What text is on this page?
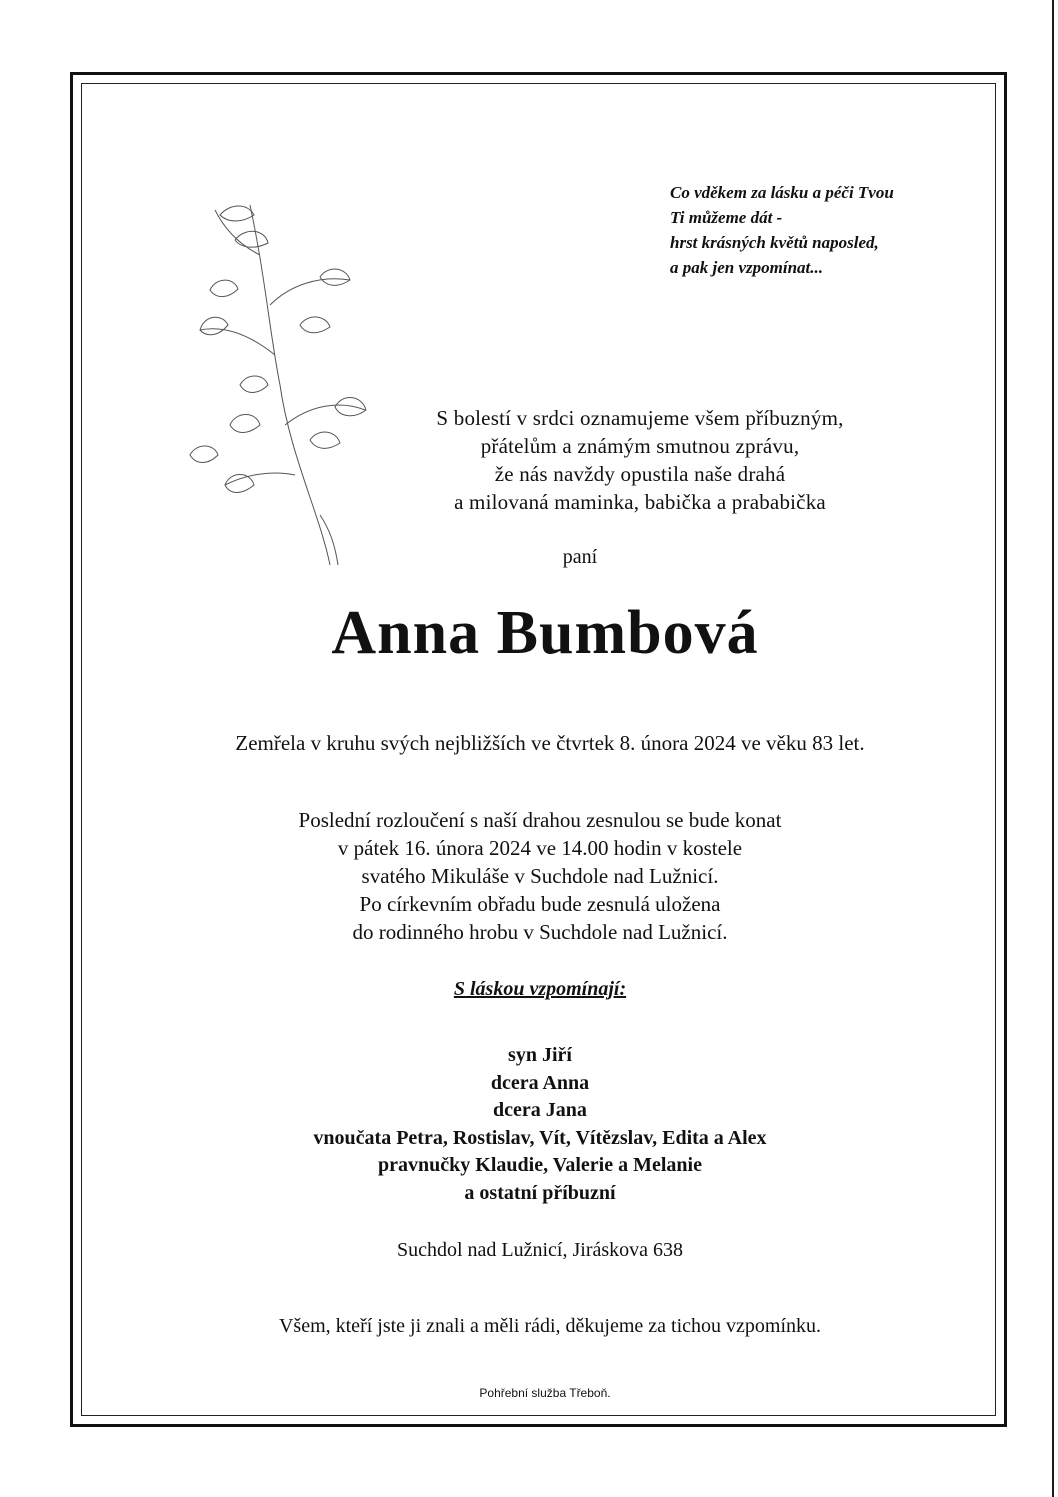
Co vděkem za lásku a péči Tvou
Ti můžeme dát -
hrst krásných květů naposled,
a pak jen vzpomínat...
S bolestí v srdci oznamujeme všem příbuzným,
přátelům a známým smutnou zprávu,
že nás navždy opustila naše drahá
a milovaná maminka, babička a prababička
paní
Anna Bumbová
Zemřela v kruhu svých nejbližších ve čtvrtek 8. února 2024 ve věku 83 let.
Poslední rozloučení s naší drahou zesnulou se bude konat
v pátek 16. února 2024 ve 14.00 hodin v kostele
svatého Mikuláše v Suchdole nad Lužnicí.
Po církevním obřadu bude zesnulá uložena
do rodinného hrobu v Suchdole nad Lužnicí.
S láskou vzpomínají:
syn Jiří
dcera Anna
dcera Jana
vnoučata Petra, Rostislav, Vít, Vítězslav, Edita a Alex
pravnučky Klaudie, Valerie a Melanie
a ostatní příbuzní
Suchdol nad Lužnicí, Jiráskova 638
Všem, kteří jste ji znali a měli rádi, děkujeme za tichou vzpomínku.
Pohřební služba Třeboň.
